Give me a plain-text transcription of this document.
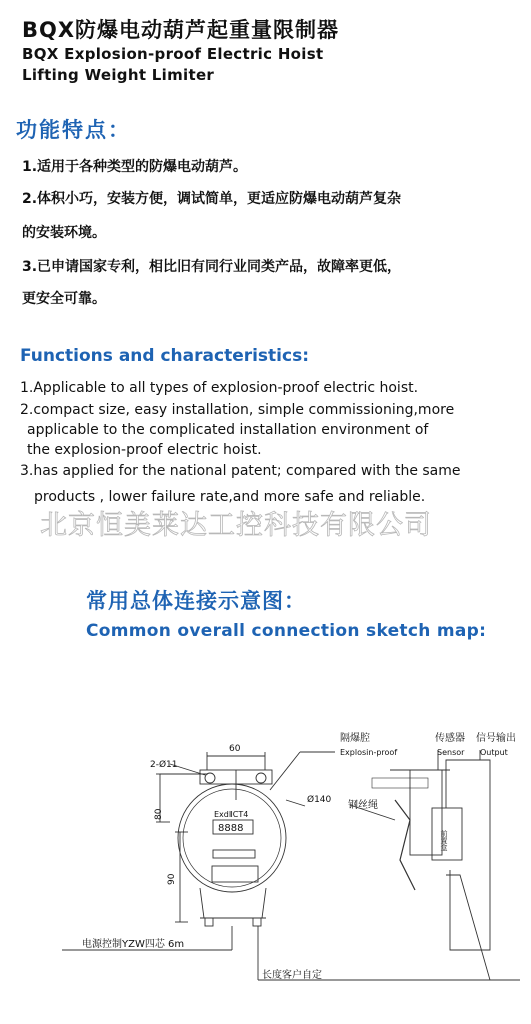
BQX防爆电动葫芦起重量限制器
BQX Explosion-proof Electric Hoist
Lifting Weight Limiter
功能特点：
1.适用于各种类型的防爆电动葫芦。
2.体积小巧，安装方便，调试简单，更适应防爆电动葫芦复杂
的安装环境。
3.已申请国家专利，相比旧有同行业同类产品，故障率更低，
更安全可靠。
Functions and characteristics:
1.Applicable to all types of explosion-proof electric hoist.
2.compact size, easy installation, simple commissioning,more
applicable to the complicated installation environment of
the explosion-proof electric hoist.
3.has applied for the national patent; compared with the same
products , lower failure rate,and more safe and reliable.
北京恒美莱达工控科技有限公司
常用总体连接示意图：
Common overall connection sketch map:
隔爆腔
Explosin-proof
传感器
Sensor
信号输出
Output
钢丝绳
2-Ø11
60
80
90
Ø140
ExdⅡCT4
8888
前置盒
电源控制YZW四芯 6m
长度客户自定
